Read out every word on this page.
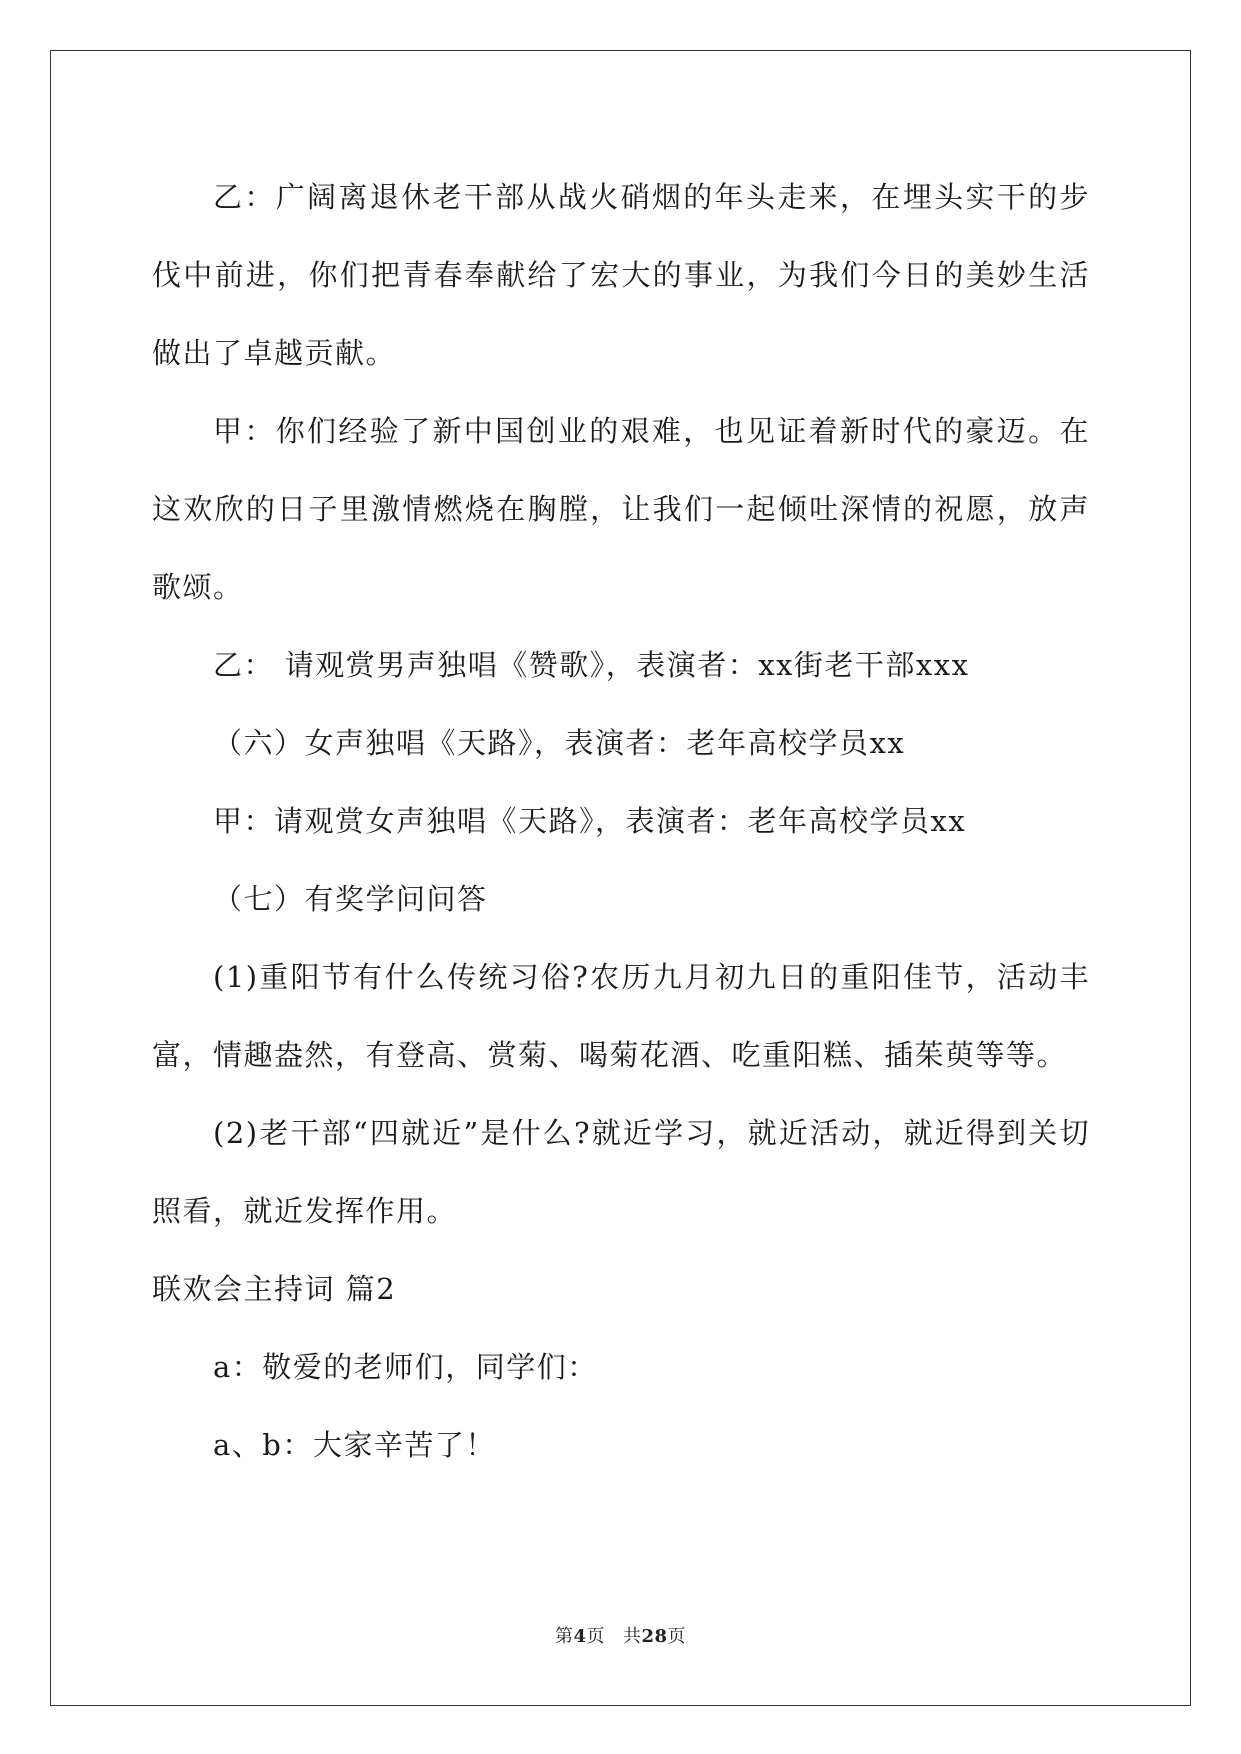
乙：广阔离退休老干部从战火硝烟的年头走来，在埋头实干的步伐中前进，你们把青春奉献给了宏大的事业，为我们今日的美妙生活做出了卓越贡献。

甲：你们经验了新中国创业的艰难，也见证着新时代的豪迈。在这欢欣的日子里激情燃烧在胸膛，让我们一起倾吐深情的祝愿，放声歌颂。

乙： 请观赏男声独唱《赞歌》，表演者：xx街老干部xxx

（六）女声独唱《天路》，表演者：老年高校学员xx

甲：请观赏女声独唱《天路》，表演者：老年高校学员xx

（七）有奖学问问答

(1)重阳节有什么传统习俗?农历九月初九日的重阳佳节，活动丰富，情趣盎然，有登高、赏菊、喝菊花酒、吃重阳糕、插茱萸等等。

(2)老干部“四就近”是什么?就近学习，就近活动，就近得到关切照看，就近发挥作用。

联欢会主持词 篇2

a：敬爱的老师们，同学们：

a、b：大家辛苦了！

第4页 共28页
